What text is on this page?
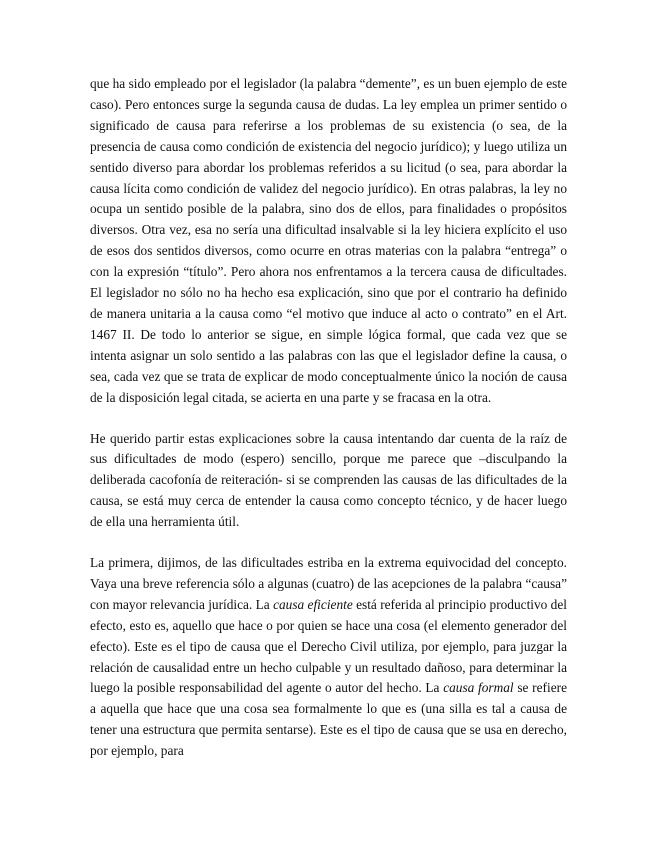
que ha sido empleado por el legislador (la palabra “demente”, es un buen ejemplo de este caso). Pero entonces surge la segunda causa de dudas. La ley emplea un primer sentido o significado de causa para referirse a los problemas de su existencia (o sea, de la presencia de causa como condición de existencia del negocio jurídico); y luego utiliza un sentido diverso para abordar los problemas referidos a su licitud (o sea, para abordar la causa lícita como condición de validez del negocio jurídico). En otras palabras, la ley no ocupa un sentido posible de la palabra, sino dos de ellos, para finalidades o propósitos diversos. Otra vez, esa no sería una dificultad insalvable si la ley hiciera explícito el uso de esos dos sentidos diversos, como ocurre en otras materias con la palabra “entrega” o con la expresión “título”. Pero ahora nos enfrentamos a la tercera causa de dificultades. El legislador no sólo no ha hecho esa explicación, sino que por el contrario ha definido de manera unitaria a la causa como “el motivo que induce al acto o contrato” en el Art. 1467 II. De todo lo anterior se sigue, en simple lógica formal, que cada vez que se intenta asignar un solo sentido a las palabras con las que el legislador define la causa, o sea, cada vez que se trata de explicar de modo conceptualmente único la noción de causa de la disposición legal citada, se acierta en una parte y se fracasa en la otra.

He querido partir estas explicaciones sobre la causa intentando dar cuenta de la raíz de sus dificultades de modo (espero) sencillo, porque me parece que –disculpando la deliberada cacofonía de reiteración- si se comprenden las causas de las dificultades de la causa, se está muy cerca de entender la causa como concepto técnico, y de hacer luego de ella una herramienta útil.

La primera, dijimos, de las dificultades estriba en la extrema equivocidad del concepto. Vaya una breve referencia sólo a algunas (cuatro) de las acepciones de la palabra “causa” con mayor relevancia jurídica. La causa eficiente está referida al principio productivo del efecto, esto es, aquello que hace o por quien se hace una cosa (el elemento generador del efecto). Este es el tipo de causa que el Derecho Civil utiliza, por ejemplo, para juzgar la relación de causalidad entre un hecho culpable y un resultado dañoso, para determinar la luego la posible responsabilidad del agente o autor del hecho. La causa formal se refiere a aquella que hace que una cosa sea formalmente lo que es (una silla es tal a causa de tener una estructura que permita sentarse). Este es el tipo de causa que se usa en derecho, por ejemplo, para
